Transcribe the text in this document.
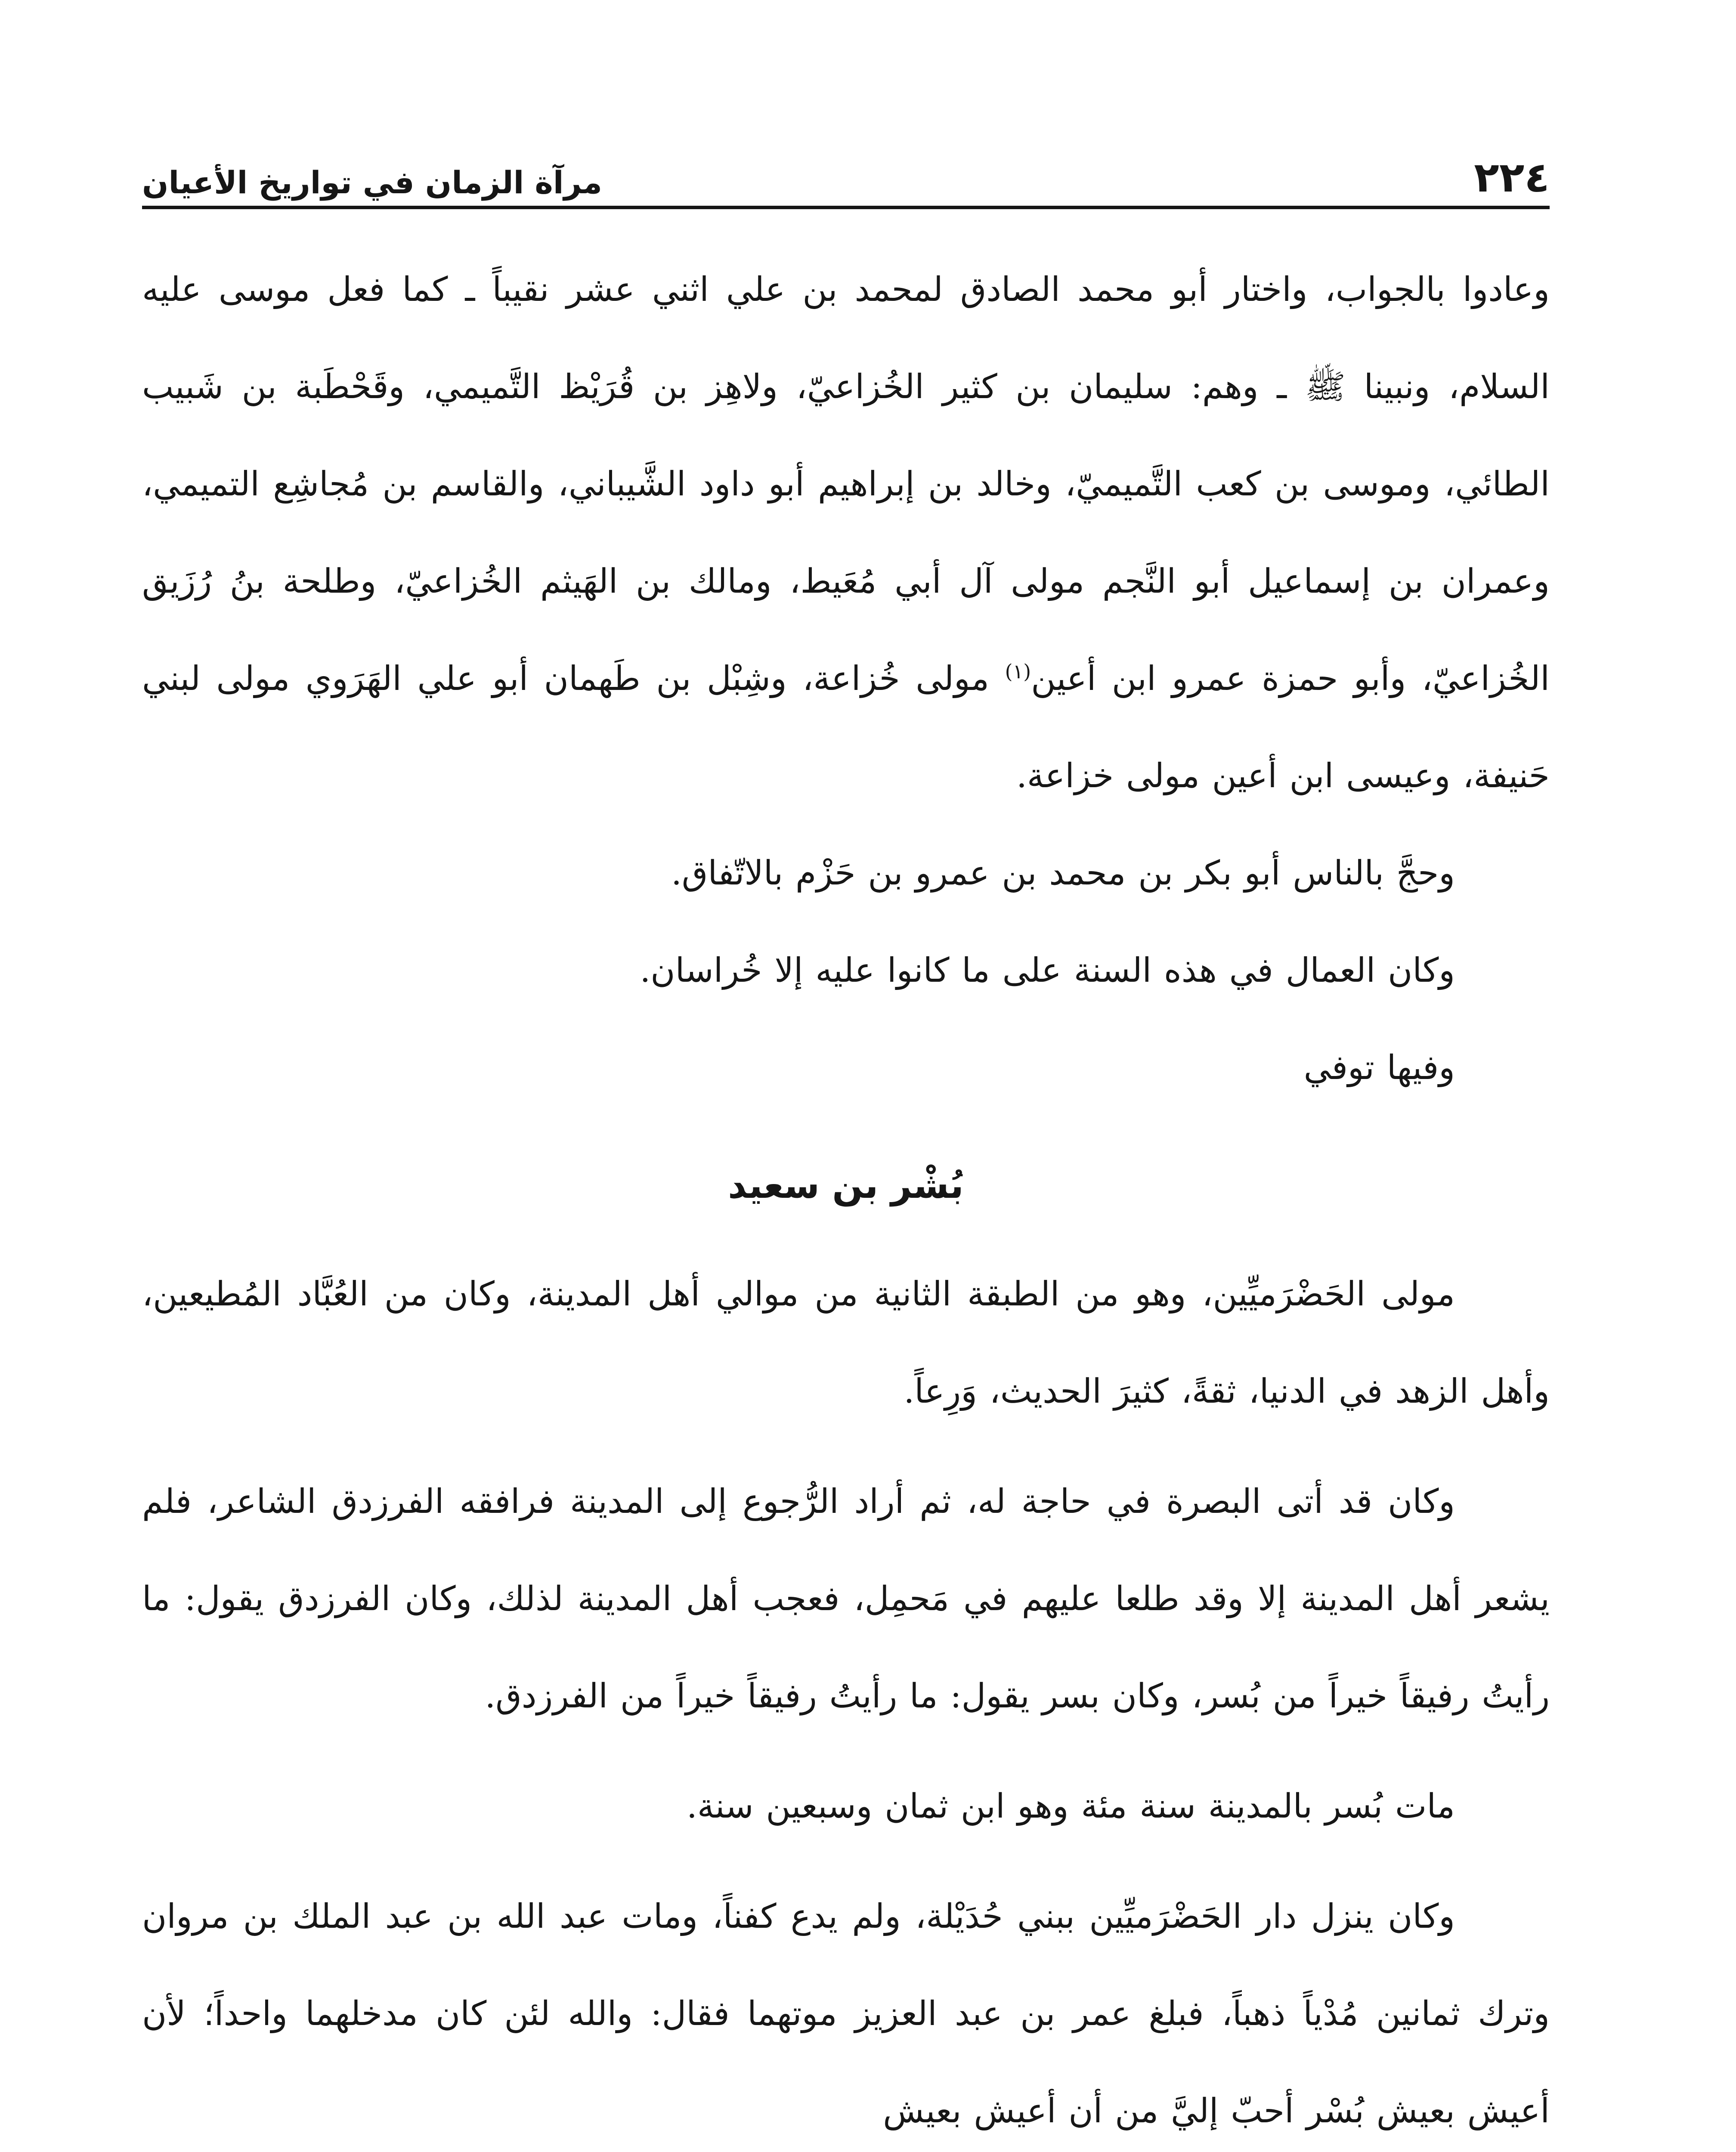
٢٢٤
مرآة الزمان في تواريخ الأعيان

وعادوا بالجواب، واختار أبو محمد الصادق لمحمد بن علي اثني عشر نقيباً ـ كما فعل موسى عليه السلام، ونبينا ﷺ ـ وهم: سليمان بن كثير الخُزاعيّ، ولاهِز بن قُرَيْظ التَّميمي، وقَحْطَبة بن شَبيب الطائي، وموسى بن كعب التَّميميّ، وخالد بن إبراهيم أبو داود الشَّيباني، والقاسم بن مُجاشِع التميمي، وعمران بن إسماعيل أبو النَّجم مولى آل أبي مُعَيط، ومالك بن الهَيثم الخُزاعيّ، وطلحة بنُ رُزَيق الخُزاعيّ، وأبو حمزة عمرو ابن أعين$^{(١)}$ مولى خُزاعة، وشِبْل بن طَهمان أبو علي الهَرَوي مولى لبني حَنيفة، وعيسى ابن أعين مولى خزاعة.

وحجَّ بالناس أبو بكر بن محمد بن عمرو بن حَزْم بالاتّفاق.

وكان العمال في هذه السنة على ما كانوا عليه إلا خُراسان.

وفيها توفي

بُشْر بن سعيد

مولى الحَضْرَميِّين، وهو من الطبقة الثانية من موالي أهل المدينة، وكان من العُبَّاد المُطيعين، وأهل الزهد في الدنيا، ثقةً، كثيرَ الحديث، وَرِعاً.

وكان قد أتى البصرة في حاجة له، ثم أراد الرُّجوع إلى المدينة فرافقه الفرزدق الشاعر، فلم يشعر أهل المدينة إلا وقد طلعا عليهم في مَحمِل، فعجب أهل المدينة لذلك، وكان الفرزدق يقول: ما رأيتُ رفيقاً خيراً من بُسر، وكان بسر يقول: ما رأيتُ رفيقاً خيراً من الفرزدق.

مات بُسر بالمدينة سنة مئة وهو ابن ثمان وسبعين سنة.

وكان ينزل دار الحَضْرَميِّين ببني حُدَيْلة، ولم يدع كفناً، ومات عبد الله بن عبد الملك بن مروان وترك ثمانين مُدْياً ذهباً، فبلغ عمر بن عبد العزيز موتهما فقال: والله لئن كان مدخلهما واحداً؛ لأن أعيش بعيش بُسْر أحبّ إليَّ من أن أعيش بعيش
